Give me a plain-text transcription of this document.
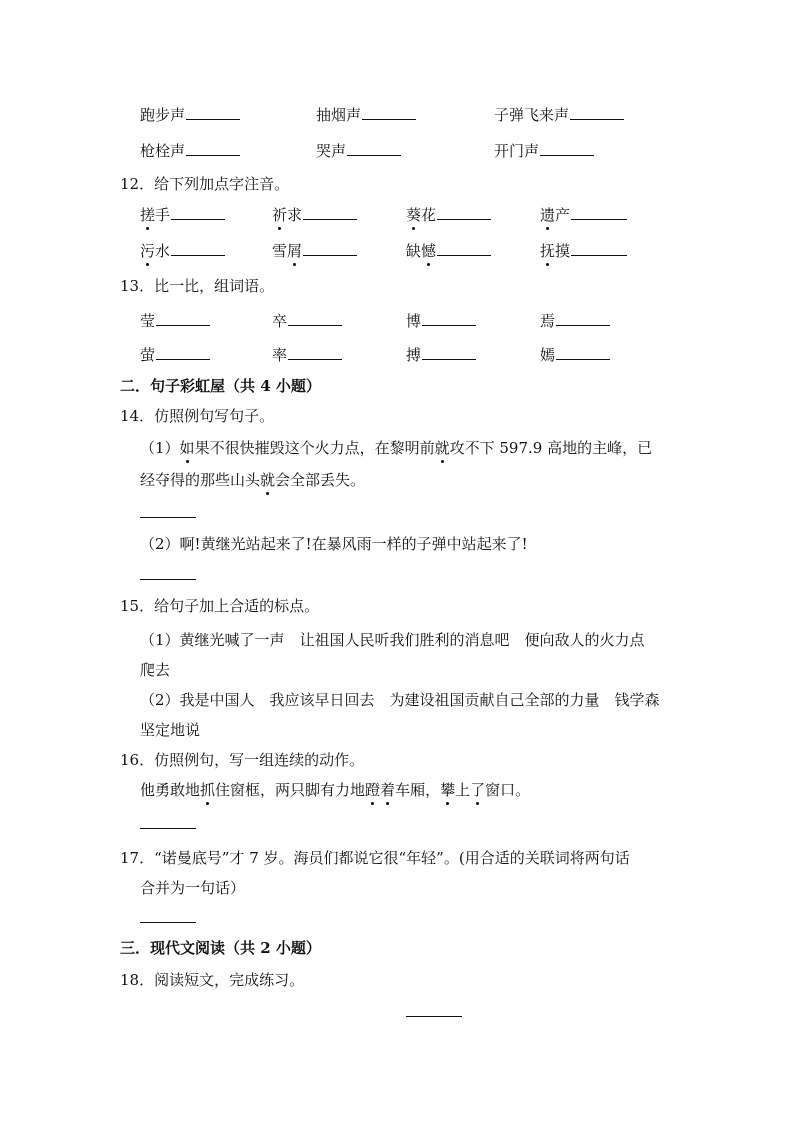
跑步声	抽烟声	子弹飞来声
枪栓声	哭声	开门声
12．给下列加点字注音。
搓手	祈求	葵花	遗产
污水	雪屑	缺憾	抚摸
13．比一比，组词语。
莹	卒	博	焉
萤	率	搏	嫣
二．句子彩虹屋（共 4 小题）
14．仿照例句写句子。
（1）如果不很快摧毁这个火力点，在黎明前就攻不下 597.9 高地的主峰，已
经夺得的那些山头就会全部丢失。
（2）啊!黄继光站起来了!在暴风雨一样的子弹中站起来了!
15．给句子加上合适的标点。
（1）黄继光喊了一声　让祖国人民听我们胜利的消息吧　便向敌人的火力点
爬去
（2）我是中国人　我应该早日回去　为建设祖国贡献自己全部的力量　钱学森
坚定地说
16．仿照例句，写一组连续的动作。
他勇敢地抓住窗框，两只脚有力地蹬着车厢，攀上了窗口。
17．“诺曼底号”才 7 岁。海员们都说它很“年轻”。(用合适的关联词将两句话
合并为一句话）
三．现代文阅读（共 2 小题）
18．阅读短文，完成练习。
